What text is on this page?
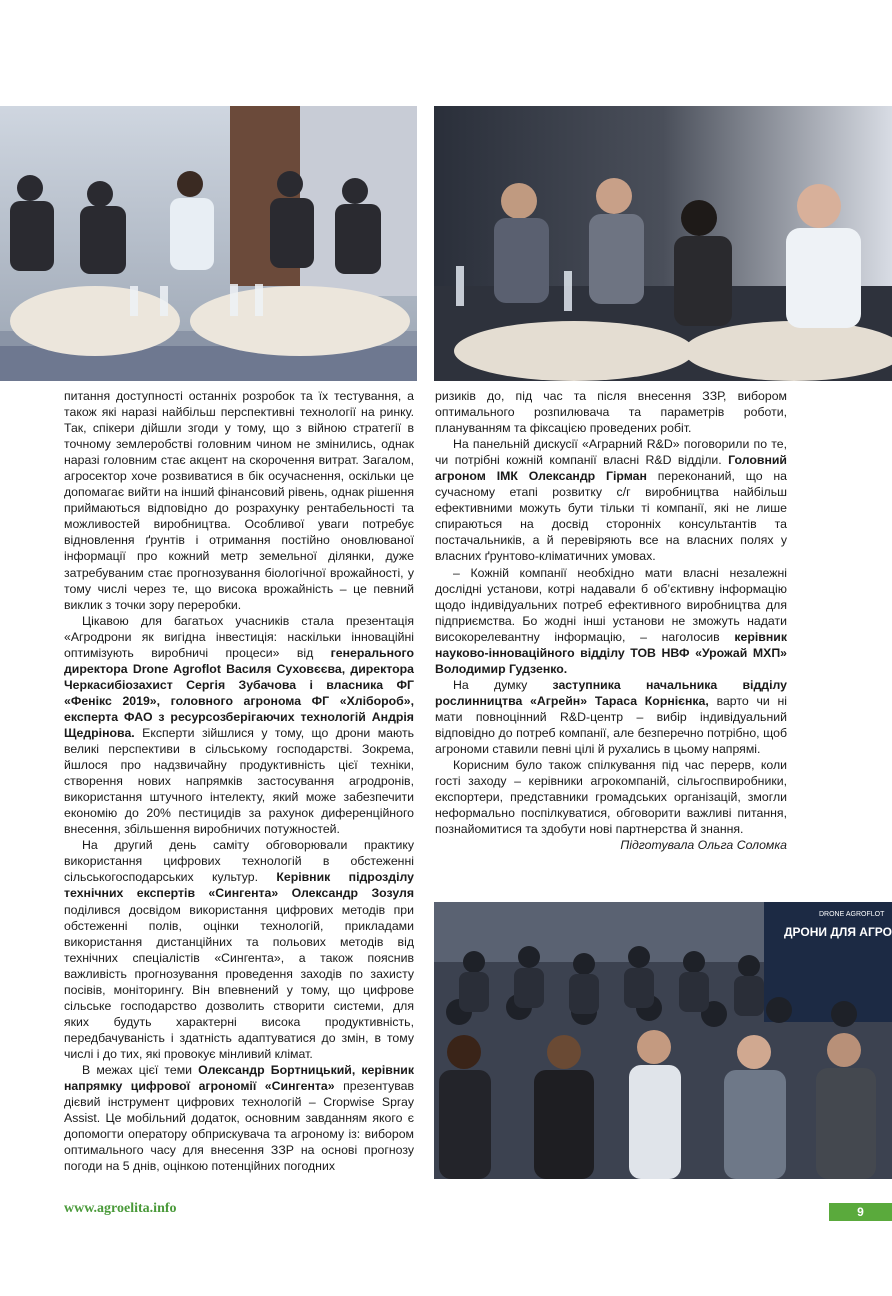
питання доступності останніх розробок та їх тестування, а також які наразі найбільш перспективні технології на ринку. Так, спікери дійшли згоди у тому, що з війною стратегії в точному землеробстві головним чином не змінились, однак наразі головним стає акцент на скорочення витрат. Загалом, агросектор хоче розвиватися в бік осучаснення, оскільки це допомагає вийти на інший фінансовий рівень, однак рішення приймаються відповідно до розрахунку рентабельності та можливостей виробництва. Особливої уваги потребує відновлення ґрунтів і отримання постійно оновлюваної інформації про кожний метр земельної ділянки, дуже затребуваним стає прогнозування біологічної врожайності, у тому числі через те, що висока врожайність – це певний виклик з точки зору переробки.

Цікавою для багатьох учасників стала презентація «Агродрони як вигідна інвестиція: наскільки інноваційні оптимізують виробничі процеси» від генерального директора Drone Agroflot Василя Суховєєва, директора Черкасибіозахист Сергія Зубачова і власника ФГ «Фенікс 2019», головного агронома ФГ «Хлібороб», експерта ФАО з ресурсозберігаючих технологій Андрія Щедрінова. Експерти зійшлися у тому, що дрони мають великі перспективи в сільському господарстві. Зокрема, йшлося про надзвичайну продуктивність цієї техніки, створення нових напрямків застосування агродронів, використання штучного інтелекту, який може забезпечити економію до 20% пестицидів за рахунок диференційного внесення, збільшення виробничих потужностей.

На другий день саміту обговорювали практику використання цифрових технологій в обстеженні сільськогосподарських культур. Керівник підрозділу технічних експертів «Сингента» Олександр Зозуля поділився досвідом використання цифрових методів при обстеженні полів, оцінки технологій, прикладами використання дистанційних та польових методів від технічних спеціалістів «Сингента», а також пояснив важливість прогнозування проведення заходів по захисту посівів, моніторингу. Він впевнений у тому, що цифрове сільське господарство дозволить створити системи, для яких будуть характерні висока продуктивність, передбачуваність і здатність адаптуватися до змін, в тому числі і до тих, які провокує мінливий клімат.

В межах цієї теми Олександр Бортницький, керівник напрямку цифрової агрономії «Сингента» презентував дієвий інструмент цифрових технологій – Cropwise Spray Assist. Це мобільний додаток, основним завданням якого є допомогти оператору обприскувача та агроному із: вибором оптимального часу для внесення ЗЗР на основі прогнозу погоди на 5 днів, оцінкою потенційних погодних

ризиків до, під час та після внесення ЗЗР, вибором оптимального розпилювача та параметрів роботи, плануванням та фіксацією проведених робіт.

На панельній дискусії «Аграрний R&D» поговорили по те, чи потрібні кожній компанії власні R&D відділи. Головний агроном ІМК Олександр Гірман переконаний, що на сучасному етапі розвитку с/г виробництва найбільш ефективними можуть бути тільки ті компанії, які не лише спираються на досвід сторонніх консультантів та постачальників, а й перевіряють все на власних полях у власних ґрунтово-кліматичних умовах.

– Кожній компанії необхідно мати власні незалежні дослідні установи, котрі надавали б об’єктивну інформацію щодо індивідуальних потреб ефективного виробництва для підприємства. Бо жодні інші установи не зможуть надати високорелевантну інформацію, – наголосив керівник науково-інноваційного відділу ТОВ НВФ «Урожай МХП» Володимир Гудзенко.

На думку заступника начальника відділу рослинництва «Агрейн» Тараса Корнієнка, варто чи ні мати повноцінний R&D-центр – вибір індивідуальний відповідно до потреб компанії, але безперечно потрібно, щоб агрономи ставили певні цілі й рухались в цьому напрямі.

Корисним було також спілкування під час перерв, коли гості заходу – керівники агрокомпаній, сільгоспвиробники, експортери, представники громадських організацій, змогли неформально поспілкуватися, обговорити важливі питання, познайомитися та здобути нові партнерства й знання.

Підготувала Ольга Соломка

DRONE AGROFLOT
ДРОНИ ДЛЯ АГРО
www.agroelita.info	9
